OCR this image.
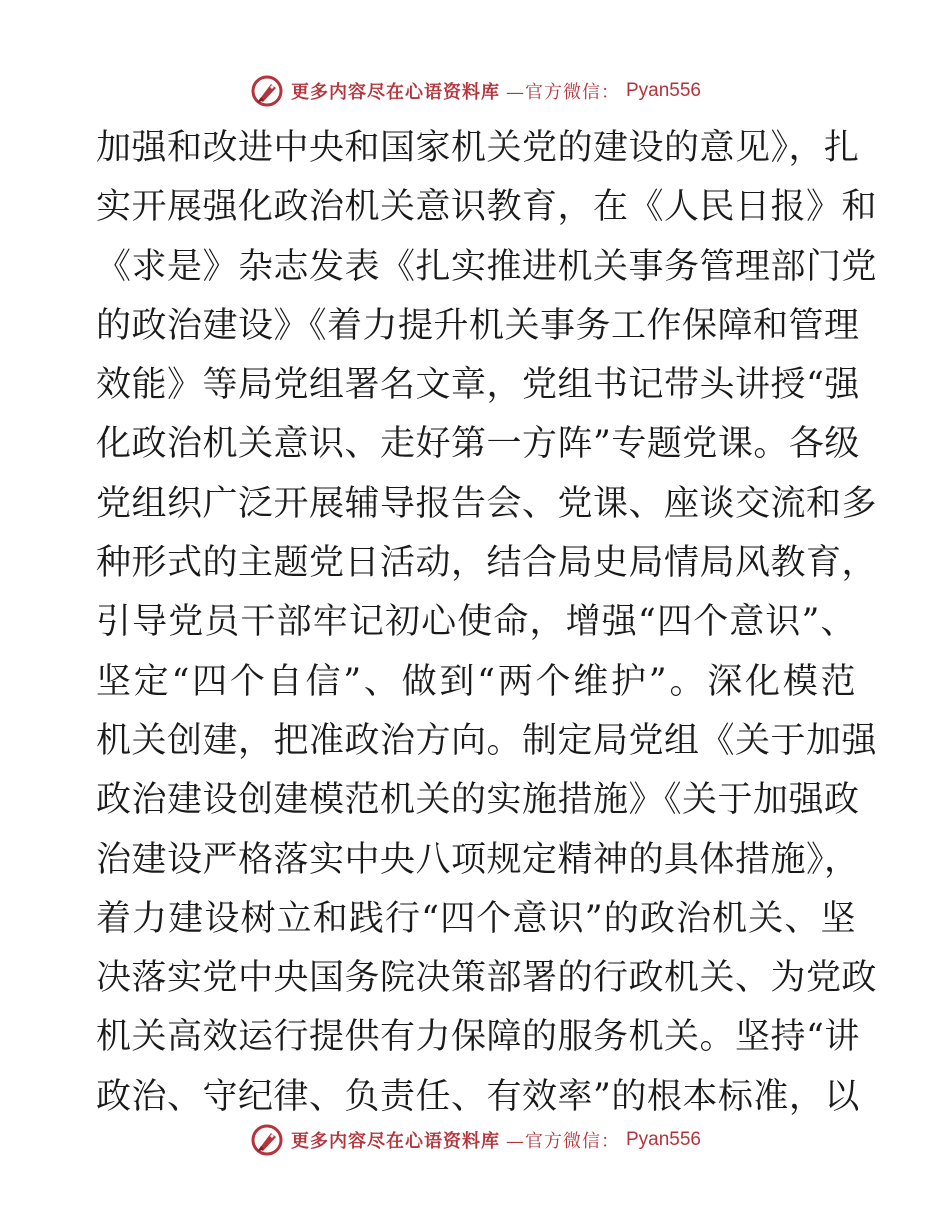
更多内容尽在心语资料库 —官方微信： Pyan556
加强和改进中央和国家机关党的建设的意见》，扎
实开展强化政治机关意识教育，在《人民日报》和
《求是》杂志发表《扎实推进机关事务管理部门党
的政治建设》《着力提升机关事务工作保障和管理
效能》等局党组署名文章，党组书记带头讲授“强
化政治机关意识、走好第一方阵”专题党课。各级
党组织广泛开展辅导报告会、党课、座谈交流和多
种形式的主题党日活动，结合局史局情局风教育，
引导党员干部牢记初心使命，增强“四个意识”、
坚定“四个自信”、做到“两个维护”。深化模范
机关创建，把准政治方向。制定局党组《关于加强
政治建设创建模范机关的实施措施》《关于加强政
治建设严格落实中央八项规定精神的具体措施》，
着力建设树立和践行“四个意识”的政治机关、坚
决落实党中央国务院决策部署的行政机关、为党政
机关高效运行提供有力保障的服务机关。坚持“讲
政治、守纪律、负责任、有效率”的根本标准，以
更多内容尽在心语资料库 —官方微信： Pyan556
